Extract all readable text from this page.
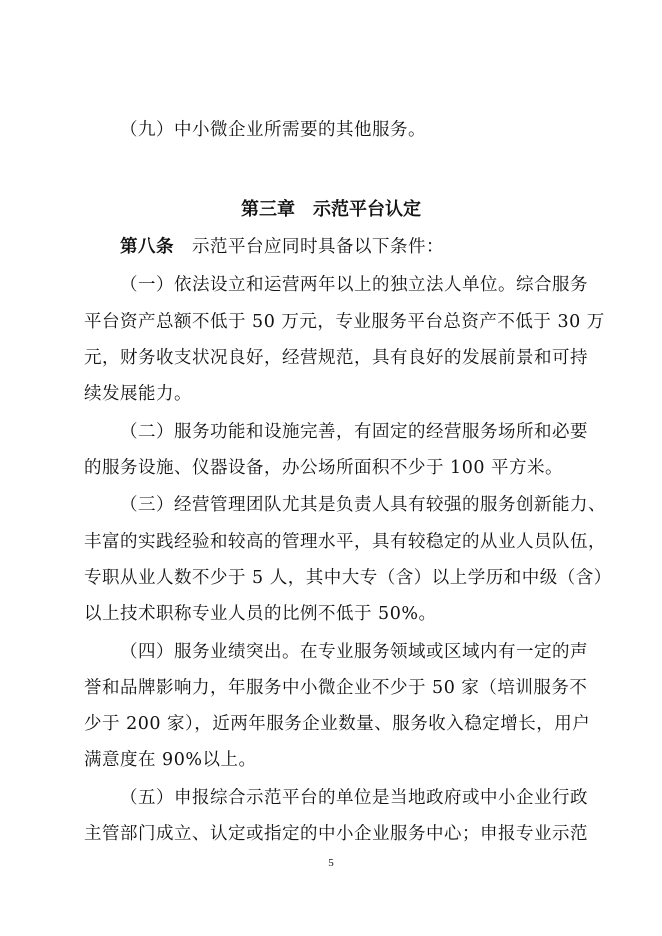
（九）中小微企业所需要的其他服务。
第三章　示范平台认定
第八条　示范平台应同时具备以下条件：
（一）依法设立和运营两年以上的独立法人单位。综合服务
平台资产总额不低于 50 万元，专业服务平台总资产不低于 30 万
元，财务收支状况良好，经营规范，具有良好的发展前景和可持
续发展能力。
（二）服务功能和设施完善，有固定的经营服务场所和必要
的服务设施、仪器设备，办公场所面积不少于 100 平方米。
（三）经营管理团队尤其是负责人具有较强的服务创新能力、
丰富的实践经验和较高的管理水平，具有较稳定的从业人员队伍，
专职从业人数不少于 5 人，其中大专（含）以上学历和中级（含）
以上技术职称专业人员的比例不低于 50%。
（四）服务业绩突出。在专业服务领域或区域内有一定的声
誉和品牌影响力，年服务中小微企业不少于 50 家（培训服务不
少于 200 家），近两年服务企业数量、服务收入稳定增长，用户
满意度在 90%以上。
（五）申报综合示范平台的单位是当地政府或中小企业行政
主管部门成立、认定或指定的中小企业服务中心；申报专业示范
5
